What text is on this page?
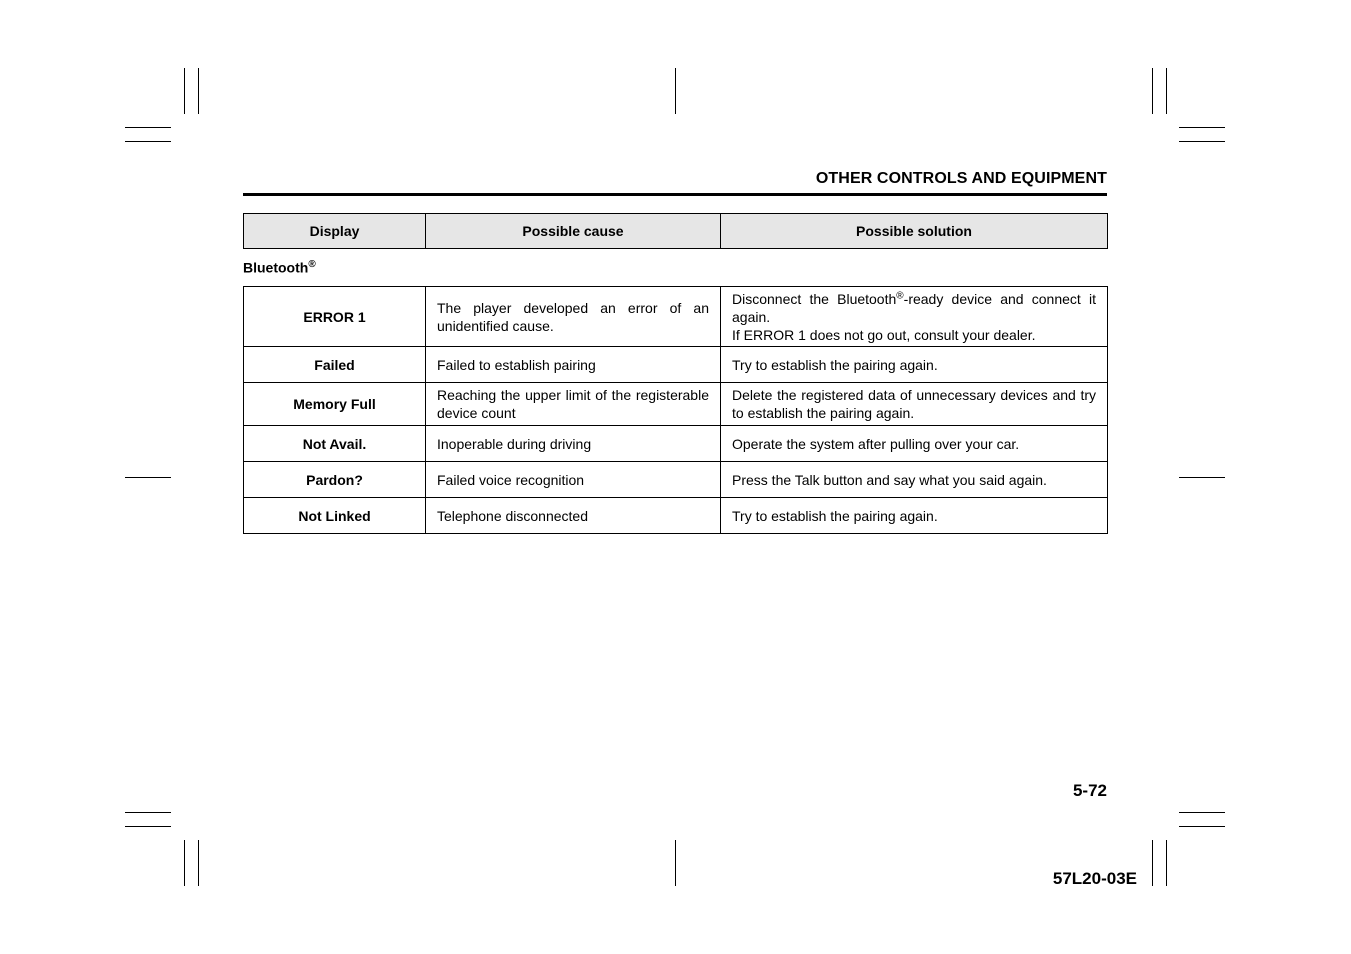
OTHER CONTROLS AND EQUIPMENT
Display	Possible cause	Possible solution
Bluetooth®
ERROR 1	The player developed an error of an unidentified cause.	Disconnect the Bluetooth®-ready device and connect it again.
If ERROR 1 does not go out, consult your dealer.
Failed	Failed to establish pairing	Try to establish the pairing again.
Memory Full	Reaching the upper limit of the registerable device count	Delete the registered data of unnecessary devices and try to establish the pairing again.
Not Avail.	Inoperable during driving	Operate the system after pulling over your car.
Pardon?	Failed voice recognition	Press the Talk button and say what you said again.
Not Linked	Telephone disconnected	Try to establish the pairing again.
5-72
57L20-03E
